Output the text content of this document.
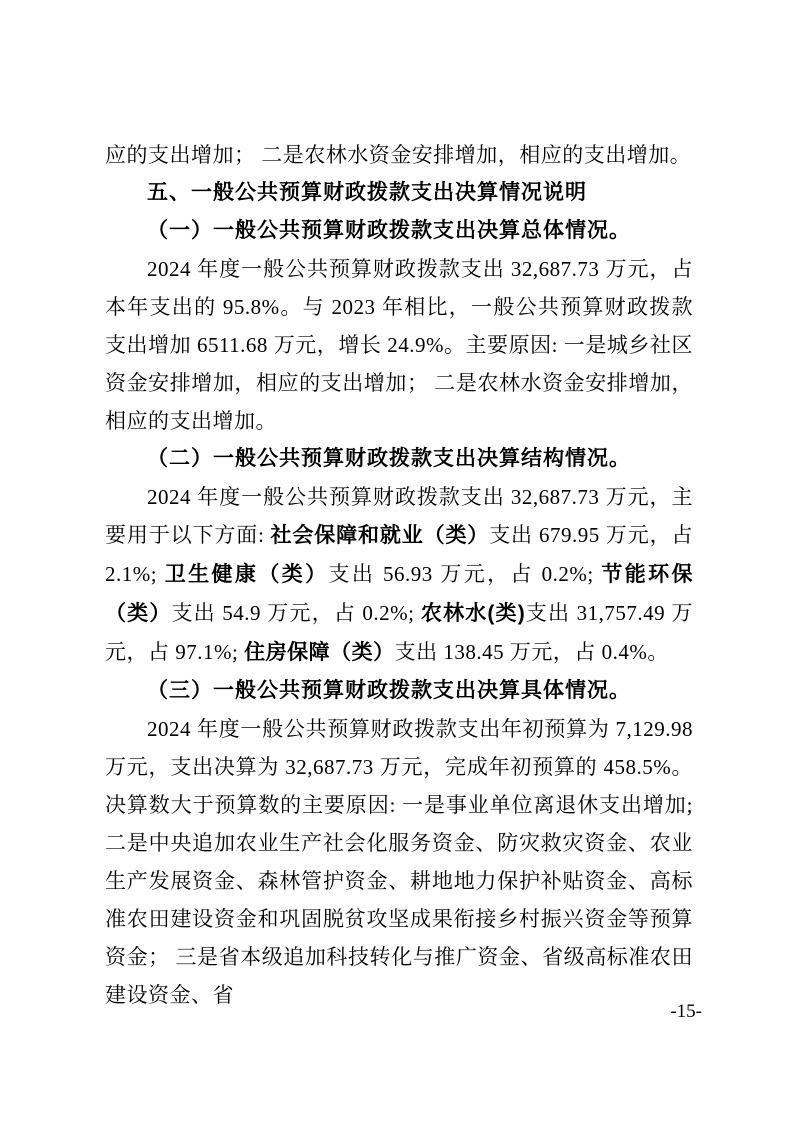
应的支出增加； 二是农林水资金安排增加，相应的支出增加。

五、一般公共预算财政拨款支出决算情况说明

（一）一般公共预算财政拨款支出决算总体情况。

2024 年度一般公共预算财政拨款支出 32,687.73 万元，占本年支出的 95.8%。与 2023 年相比，一般公共预算财政拨款支出增加 6511.68 万元，增长 24.9%。主要原因: 一是城乡社区资金安排增加，相应的支出增加； 二是农林水资金安排增加，相应的支出增加。

（二）一般公共预算财政拨款支出决算结构情况。

2024 年度一般公共预算财政拨款支出 32,687.73 万元，主要用于以下方面: 社会保障和就业（类）支出 679.95 万元，占 2.1%; 卫生健康（类）支出 56.93 万元，占 0.2%; 节能环保（类）支出 54.9 万元，占 0.2%; 农林水(类)支出 31,757.49 万元，占 97.1%; 住房保障（类）支出 138.45 万元，占 0.4%。

（三）一般公共预算财政拨款支出决算具体情况。

2024 年度一般公共预算财政拨款支出年初预算为 7,129.98 万元，支出决算为 32,687.73 万元，完成年初预算的 458.5%。决算数大于预算数的主要原因: 一是事业单位离退休支出增加;二是中央追加农业生产社会化服务资金、防灾救灾资金、农业生产发展资金、森林管护资金、耕地地力保护补贴资金、高标准农田建设资金和巩固脱贫攻坚成果衔接乡村振兴资金等预算资金； 三是省本级追加科技转化与推广资金、省级高标准农田建设资金、省

-15-
